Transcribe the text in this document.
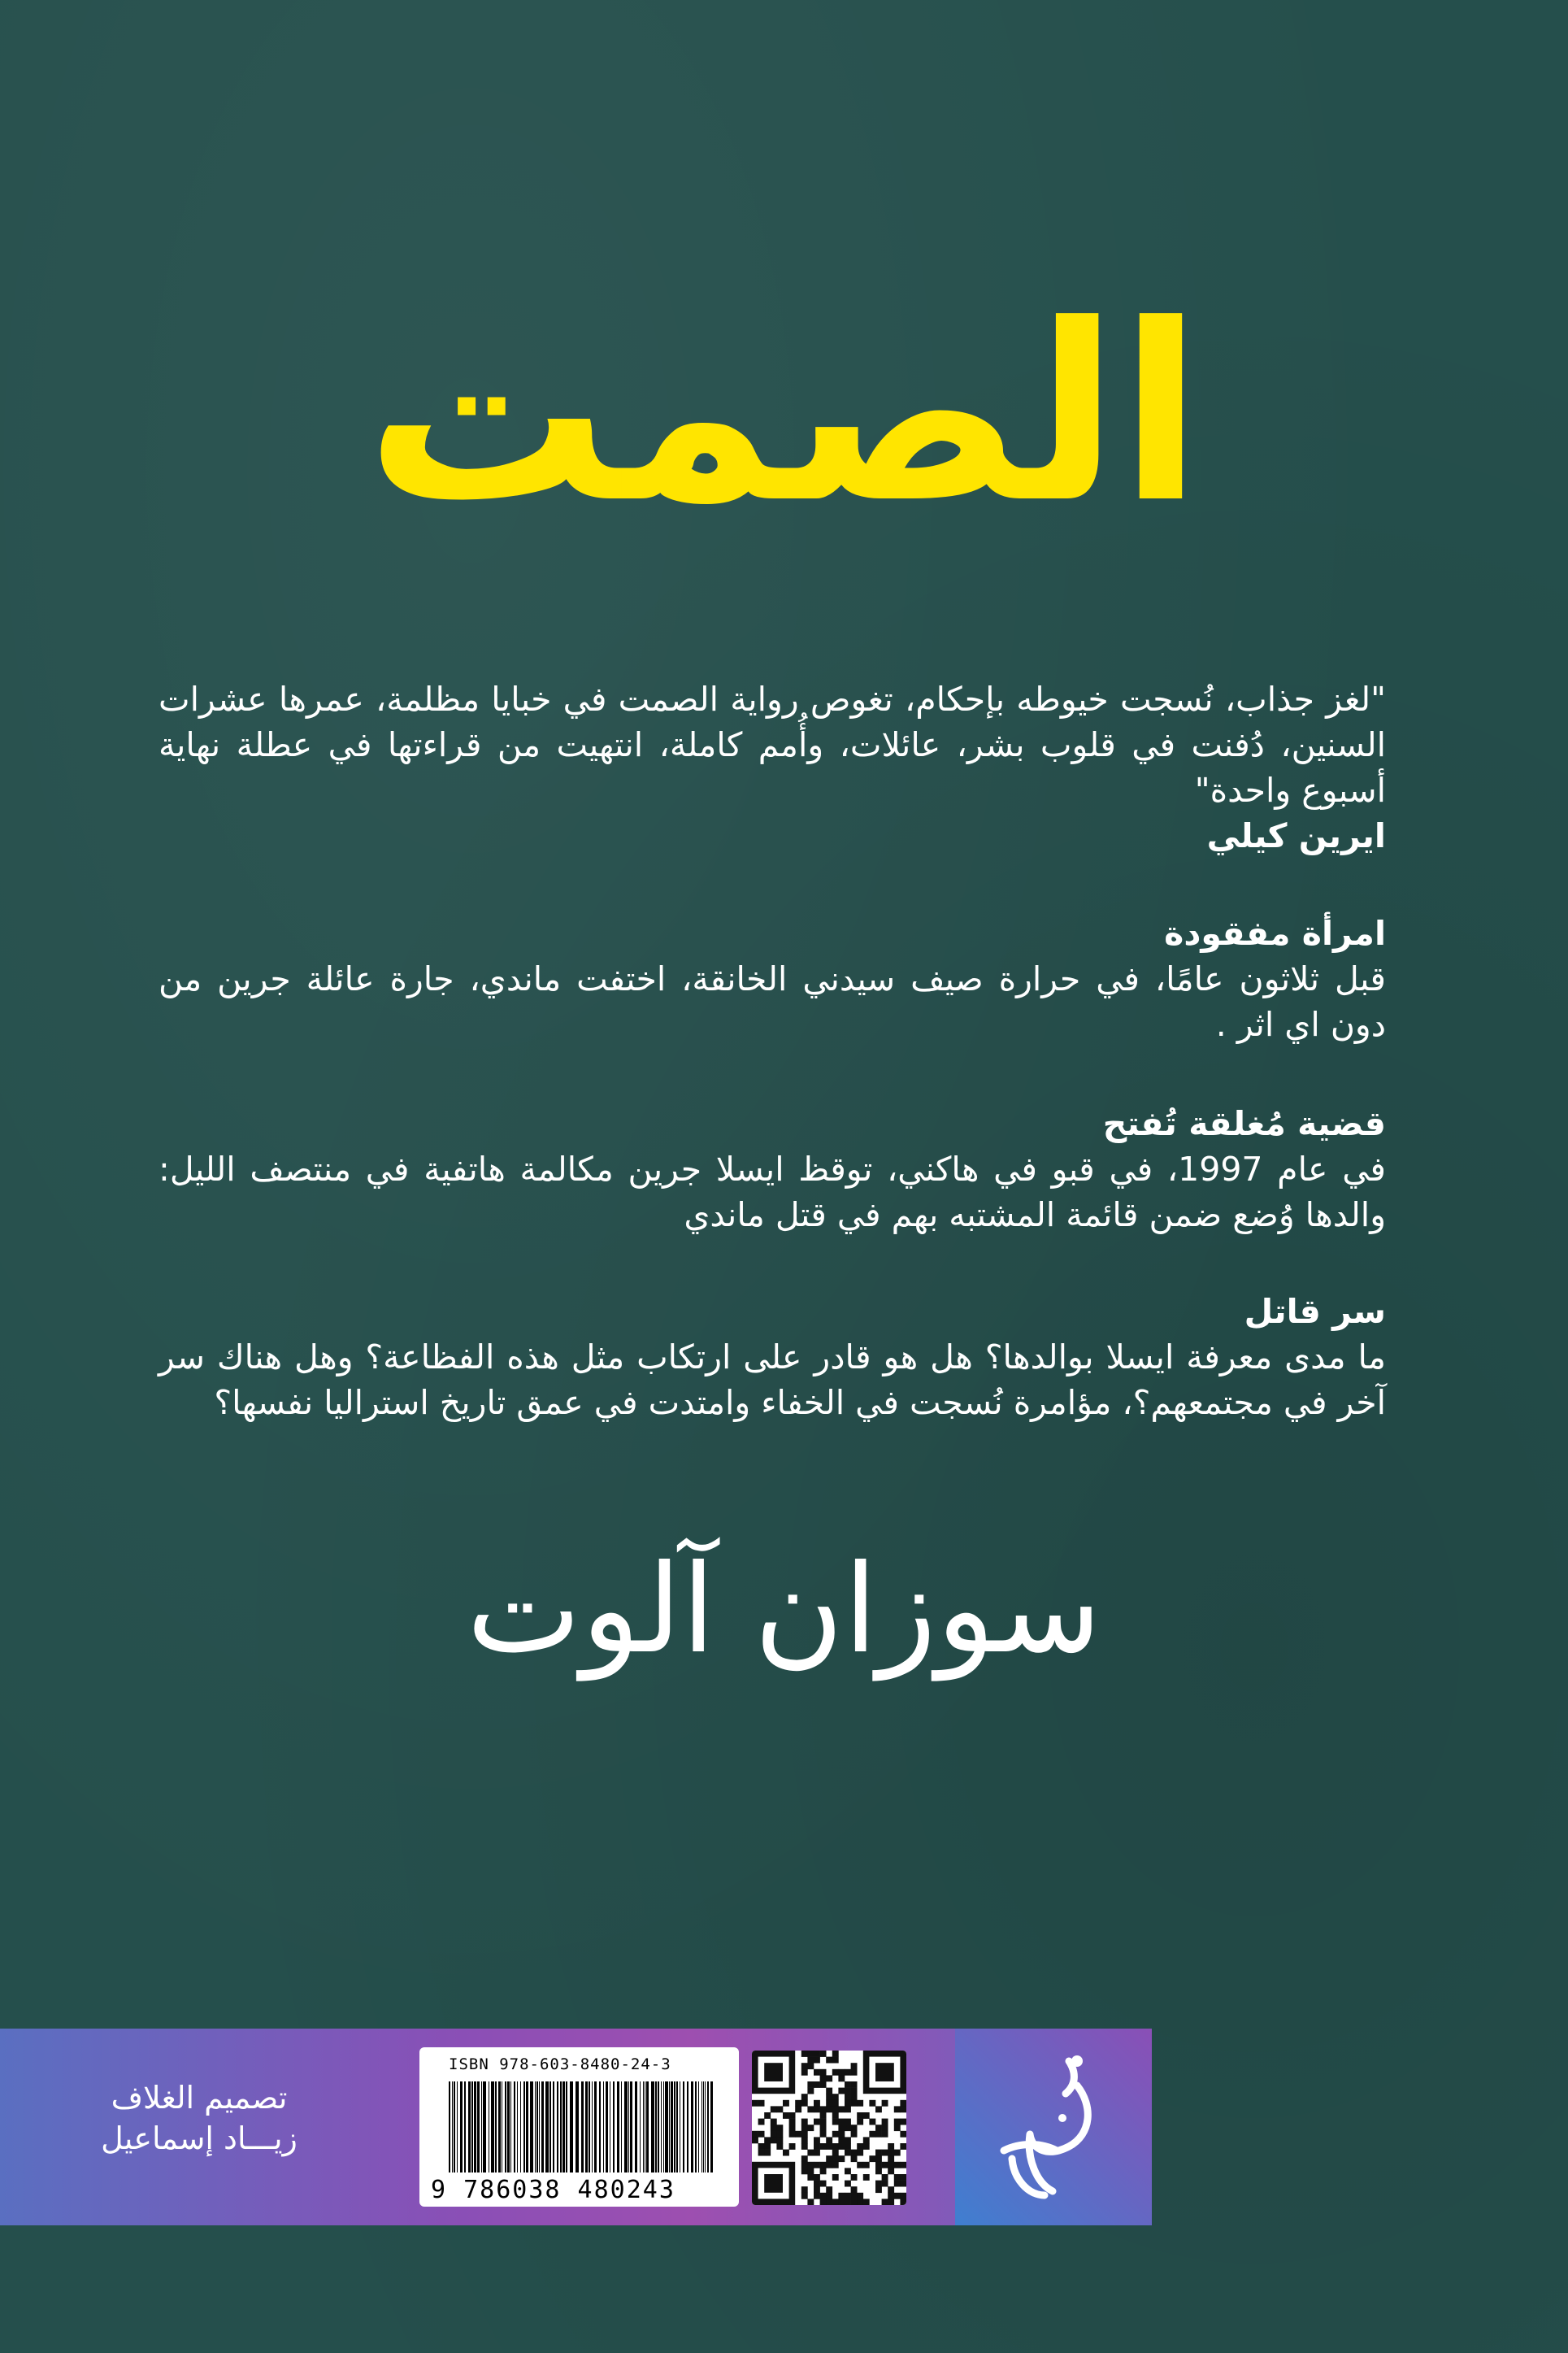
الصمت

"لغز جذاب، نُسجت خيوطه بإحكام، تغوص رواية الصمت في خبايا مظلمة، عمرها عشرات السنين، دُفنت في قلوب بشر، عائلات، وأُمم كاملة، انتهيت من قراءتها في عطلة نهاية أسبوع واحدة"

ايرين كيلي

امرأة مفقودة

قبل ثلاثون عامًا، في حرارة صيف سيدني الخانقة، اختفت ماندي، جارة عائلة جرين من دون اي اثر .

قضية مُغلقة تُفتح

في عام 1997، في قبو في هاكني، توقظ ايسلا جرين مكالمة هاتفية في منتصف الليل: والدها وُضع ضمن قائمة المشتبه بهم في قتل ماندي

سر قاتل

ما مدى معرفة ايسلا بوالدها؟ هل هو قادر على ارتكاب مثل هذه الفظاعة؟ وهل هناك سر آخر في مجتمعهم؟، مؤامرة نُسجت في الخفاء وامتدت في عمق تاريخ استراليا نفسها؟

سوزان آلوت
تصميم الغلاف
زيـــاد إسماعيل
ISBN 978-603-8480-24-3
9 786038 480243
